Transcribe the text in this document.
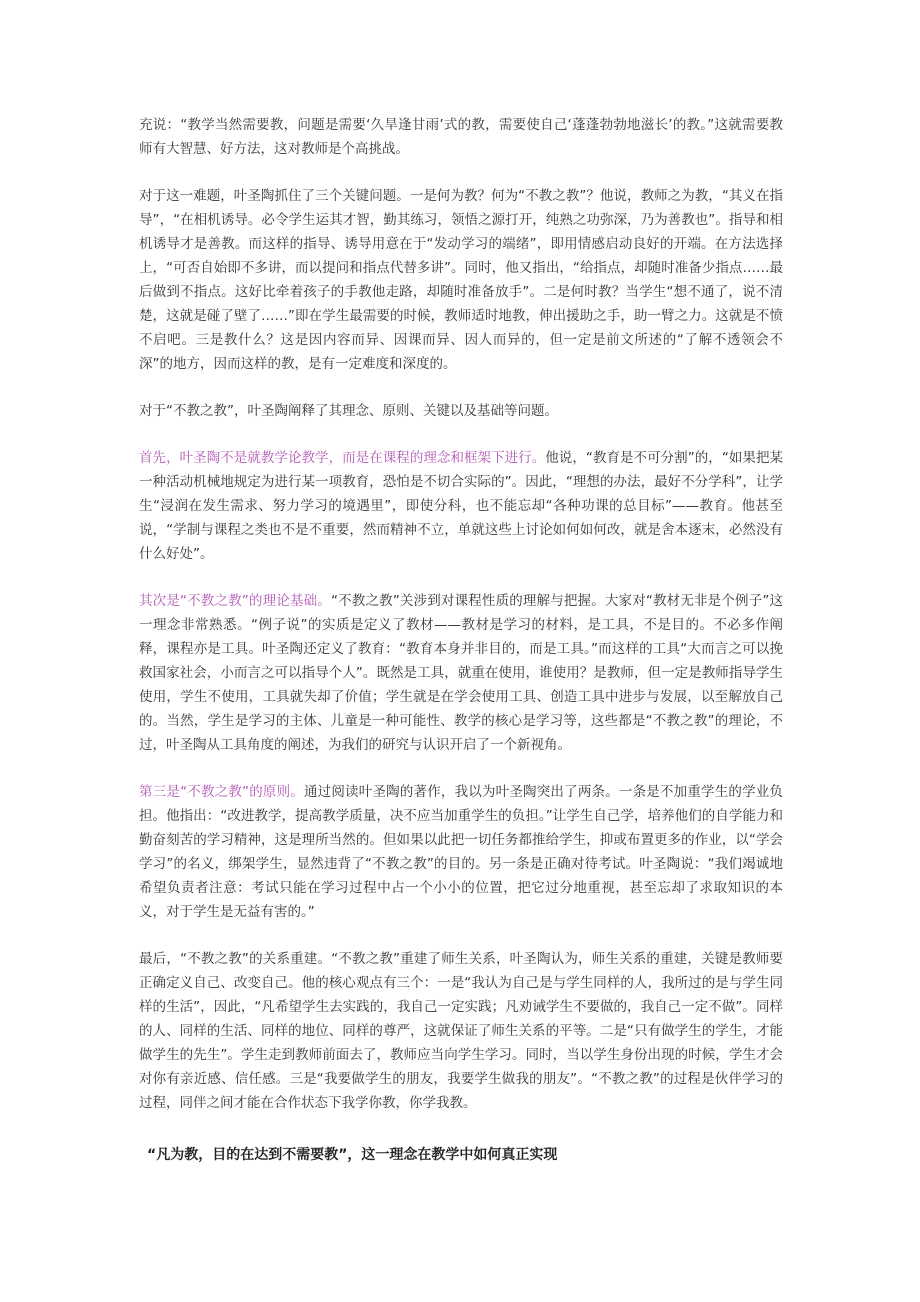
充说：“教学当然需要教，问题是需要‘久旱逢甘雨’式的教，需要使自己‘蓬蓬勃勃地滋长’的教。”这就需要教师有大智慧、好方法，这对教师是个高挑战。

对于这一难题，叶圣陶抓住了三个关键问题。一是何为教？何为“不教之教”？他说，教师之为教，“其义在指导”，“在相机诱导。必令学生运其才智，勤其练习，领悟之源打开，纯熟之功弥深，乃为善教也”。指导和相机诱导才是善教。而这样的指导、诱导用意在于“发动学习的端绪”，即用情感启动良好的开端。在方法选择上，“可否自始即不多讲，而以提问和指点代替多讲”。同时，他又指出，“给指点，却随时准备少指点……最后做到不指点。这好比牵着孩子的手教他走路，却随时准备放手”。二是何时教？当学生“想不通了，说不清楚，这就是碰了壁了……”即在学生最需要的时候，教师适时地教，伸出援助之手，助一臂之力。这就是不愤不启吧。三是教什么？这是因内容而异、因课而异、因人而异的，但一定是前文所述的“了解不透领会不深”的地方，因而这样的教，是有一定难度和深度的。

对于“不教之教”，叶圣陶阐释了其理念、原则、关键以及基础等问题。

首先，叶圣陶不是就教学论教学，而是在课程的理念和框架下进行。他说，“教育是不可分割”的，“如果把某一种活动机械地规定为进行某一项教育，恐怕是不切合实际的”。因此，“理想的办法，最好不分学科”，让学生“浸润在发生需求、努力学习的境遇里”，即使分科，也不能忘却“各种功课的总目标”——教育。他甚至说，“学制与课程之类也不是不重要，然而精神不立，单就这些上讨论如何如何改，就是舍本逐末，必然没有什么好处”。

其次是“不教之教”的理论基础。“不教之教”关涉到对课程性质的理解与把握。大家对“教材无非是个例子”这一理念非常熟悉。“例子说”的实质是定义了教材——教材是学习的材料，是工具，不是目的。不必多作阐释，课程亦是工具。叶圣陶还定义了教育：“教育本身并非目的，而是工具。”而这样的工具“大而言之可以挽救国家社会，小而言之可以指导个人”。既然是工具，就重在使用，谁使用？是教师，但一定是教师指导学生使用，学生不使用，工具就失却了价值；学生就是在学会使用工具、创造工具中进步与发展，以至解放自己的。当然，学生是学习的主体、儿童是一种可能性、教学的核心是学习等，这些都是“不教之教”的理论，不过，叶圣陶从工具角度的阐述，为我们的研究与认识开启了一个新视角。

第三是“不教之教”的原则。通过阅读叶圣陶的著作，我以为叶圣陶突出了两条。一条是不加重学生的学业负担。他指出：“改进教学，提高教学质量，决不应当加重学生的负担。”让学生自己学，培养他们的自学能力和勤奋刻苦的学习精神，这是理所当然的。但如果以此把一切任务都推给学生，抑或布置更多的作业，以“学会学习”的名义，绑架学生，显然违背了“不教之教”的目的。另一条是正确对待考试。叶圣陶说：“我们竭诚地希望负责者注意：考试只能在学习过程中占一个小小的位置，把它过分地重视，甚至忘却了求取知识的本义，对于学生是无益有害的。”

最后，“不教之教”的关系重建。“不教之教”重建了师生关系，叶圣陶认为，师生关系的重建，关键是教师要正确定义自己、改变自己。他的核心观点有三个：一是“我认为自己是与学生同样的人，我所过的是与学生同样的生活”，因此，“凡希望学生去实践的，我自己一定实践；凡劝诫学生不要做的，我自己一定不做”。同样的人、同样的生活、同样的地位、同样的尊严，这就保证了师生关系的平等。二是“只有做学生的学生，才能做学生的先生”。学生走到教师前面去了，教师应当向学生学习。同时，当以学生身份出现的时候，学生才会对你有亲近感、信任感。三是“我要做学生的朋友，我要学生做我的朋友”。“不教之教”的过程是伙伴学习的过程，同伴之间才能在合作状态下我学你教，你学我教。

“凡为教，目的在达到不需要教”，这一理念在教学中如何真正实现
